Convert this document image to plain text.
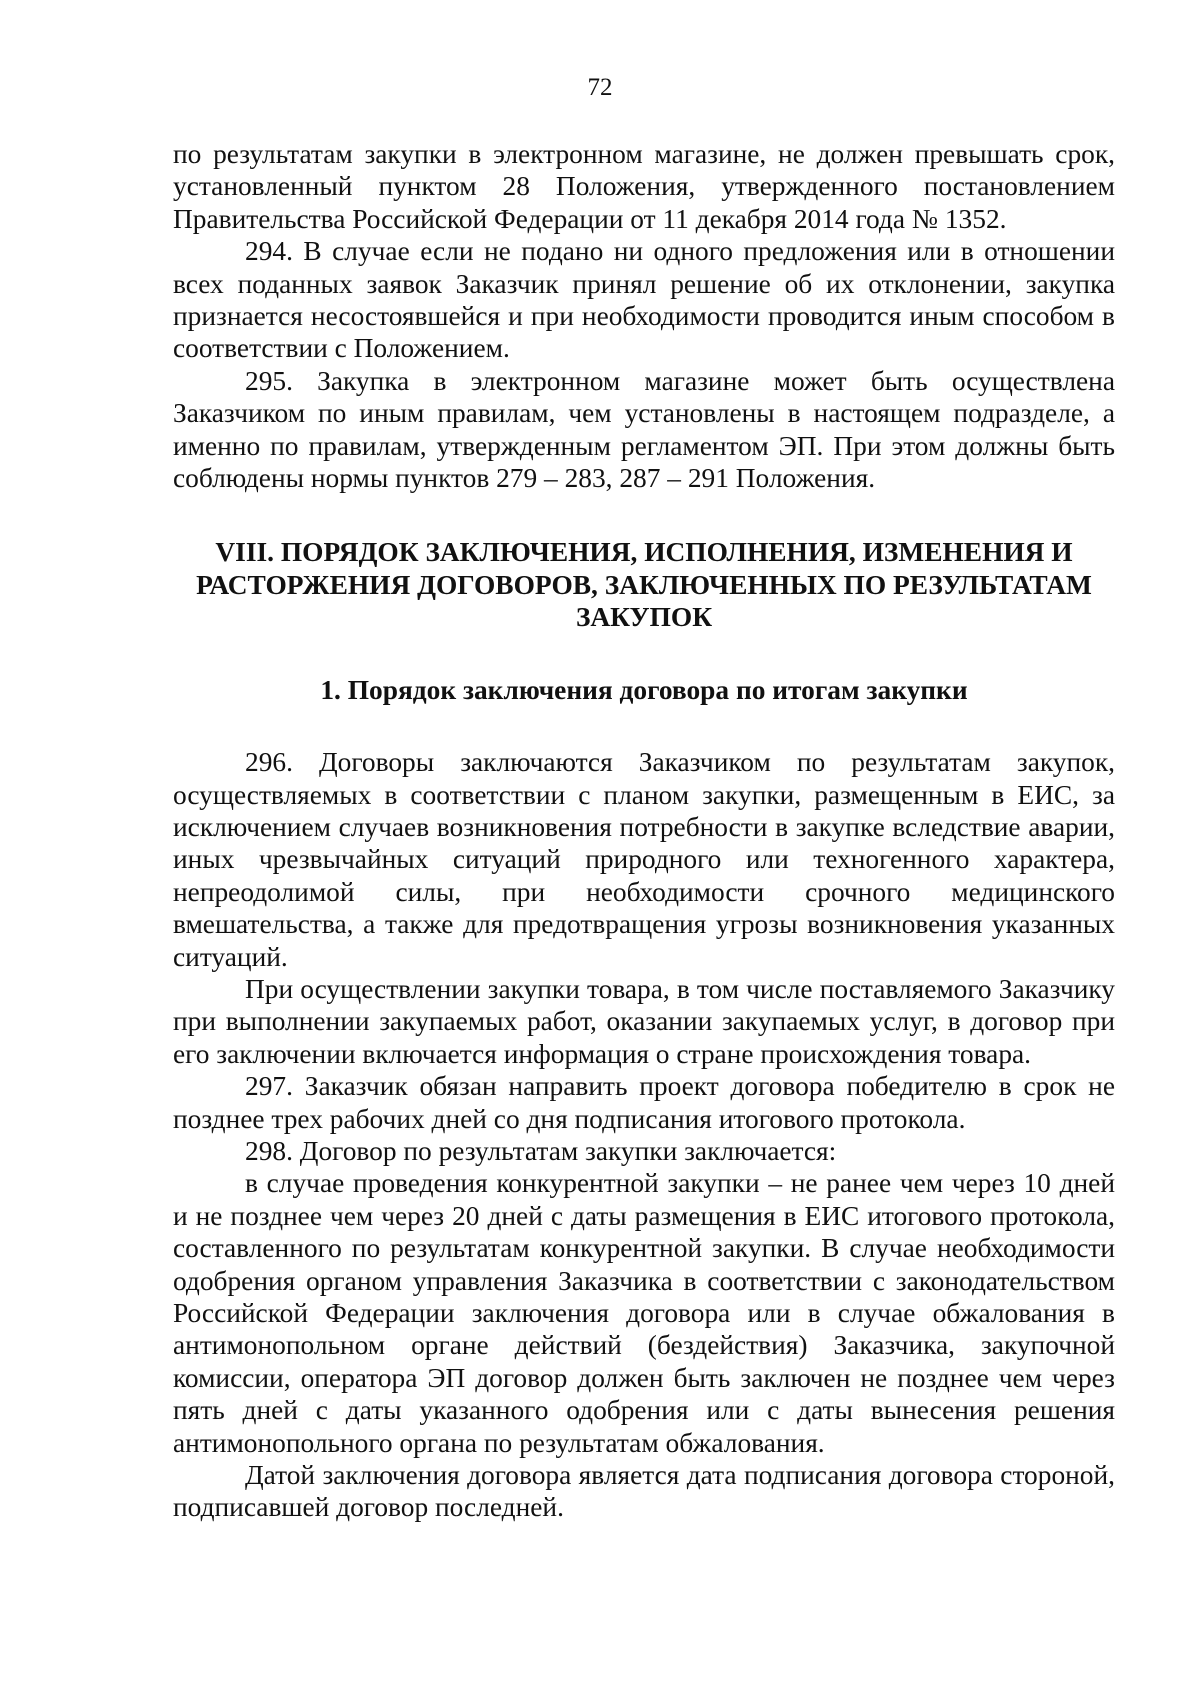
72

по результатам закупки в электронном магазине, не должен превышать срок, установленный пунктом 28 Положения, утвержденного постановлением Правительства Российской Федерации от 11 декабря 2014 года № 1352.

294. В случае если не подано ни одного предложения или в отношении всех поданных заявок Заказчик принял решение об их отклонении, закупка признается несостоявшейся и при необходимости проводится иным способом в соответствии с Положением.

295. Закупка в электронном магазине может быть осуществлена Заказчиком по иным правилам, чем установлены в настоящем подразделе, а именно по правилам, утвержденным регламентом ЭП. При этом должны быть соблюдены нормы пунктов 279 – 283, 287 – 291 Положения.

VIII. ПОРЯДОК ЗАКЛЮЧЕНИЯ, ИСПОЛНЕНИЯ, ИЗМЕНЕНИЯ И
РАСТОРЖЕНИЯ ДОГОВОРОВ, ЗАКЛЮЧЕННЫХ ПО РЕЗУЛЬТАТАМ
ЗАКУПОК
1. Порядок заключения договора по итогам закупки

296. Договоры заключаются Заказчиком по результатам закупок, осуществляемых в соответствии с планом закупки, размещенным в ЕИС, за исключением случаев возникновения потребности в закупке вследствие аварии, иных чрезвычайных ситуаций природного или техногенного характера, непреодолимой силы, при необходимости срочного медицинского вмешательства, а также для предотвращения угрозы возникновения указанных ситуаций.

При осуществлении закупки товара, в том числе поставляемого Заказчику при выполнении закупаемых работ, оказании закупаемых услуг, в договор при его заключении включается информация о стране происхождения товара.

297. Заказчик обязан направить проект договора победителю в срок не позднее трех рабочих дней со дня подписания итогового протокола.

298. Договор по результатам закупки заключается:

в случае проведения конкурентной закупки – не ранее чем через 10 дней и не позднее чем через 20 дней с даты размещения в ЕИС итогового протокола, составленного по результатам конкурентной закупки. В случае необходимости одобрения органом управления Заказчика в соответствии с законодательством Российской Федерации заключения договора или в случае обжалования в антимонопольном органе действий (бездействия) Заказчика, закупочной комиссии, оператора ЭП договор должен быть заключен не позднее чем через пять дней с даты указанного одобрения или с даты вынесения решения антимонопольного органа по результатам обжалования.

Датой заключения договора является дата подписания договора стороной, подписавшей договор последней.
